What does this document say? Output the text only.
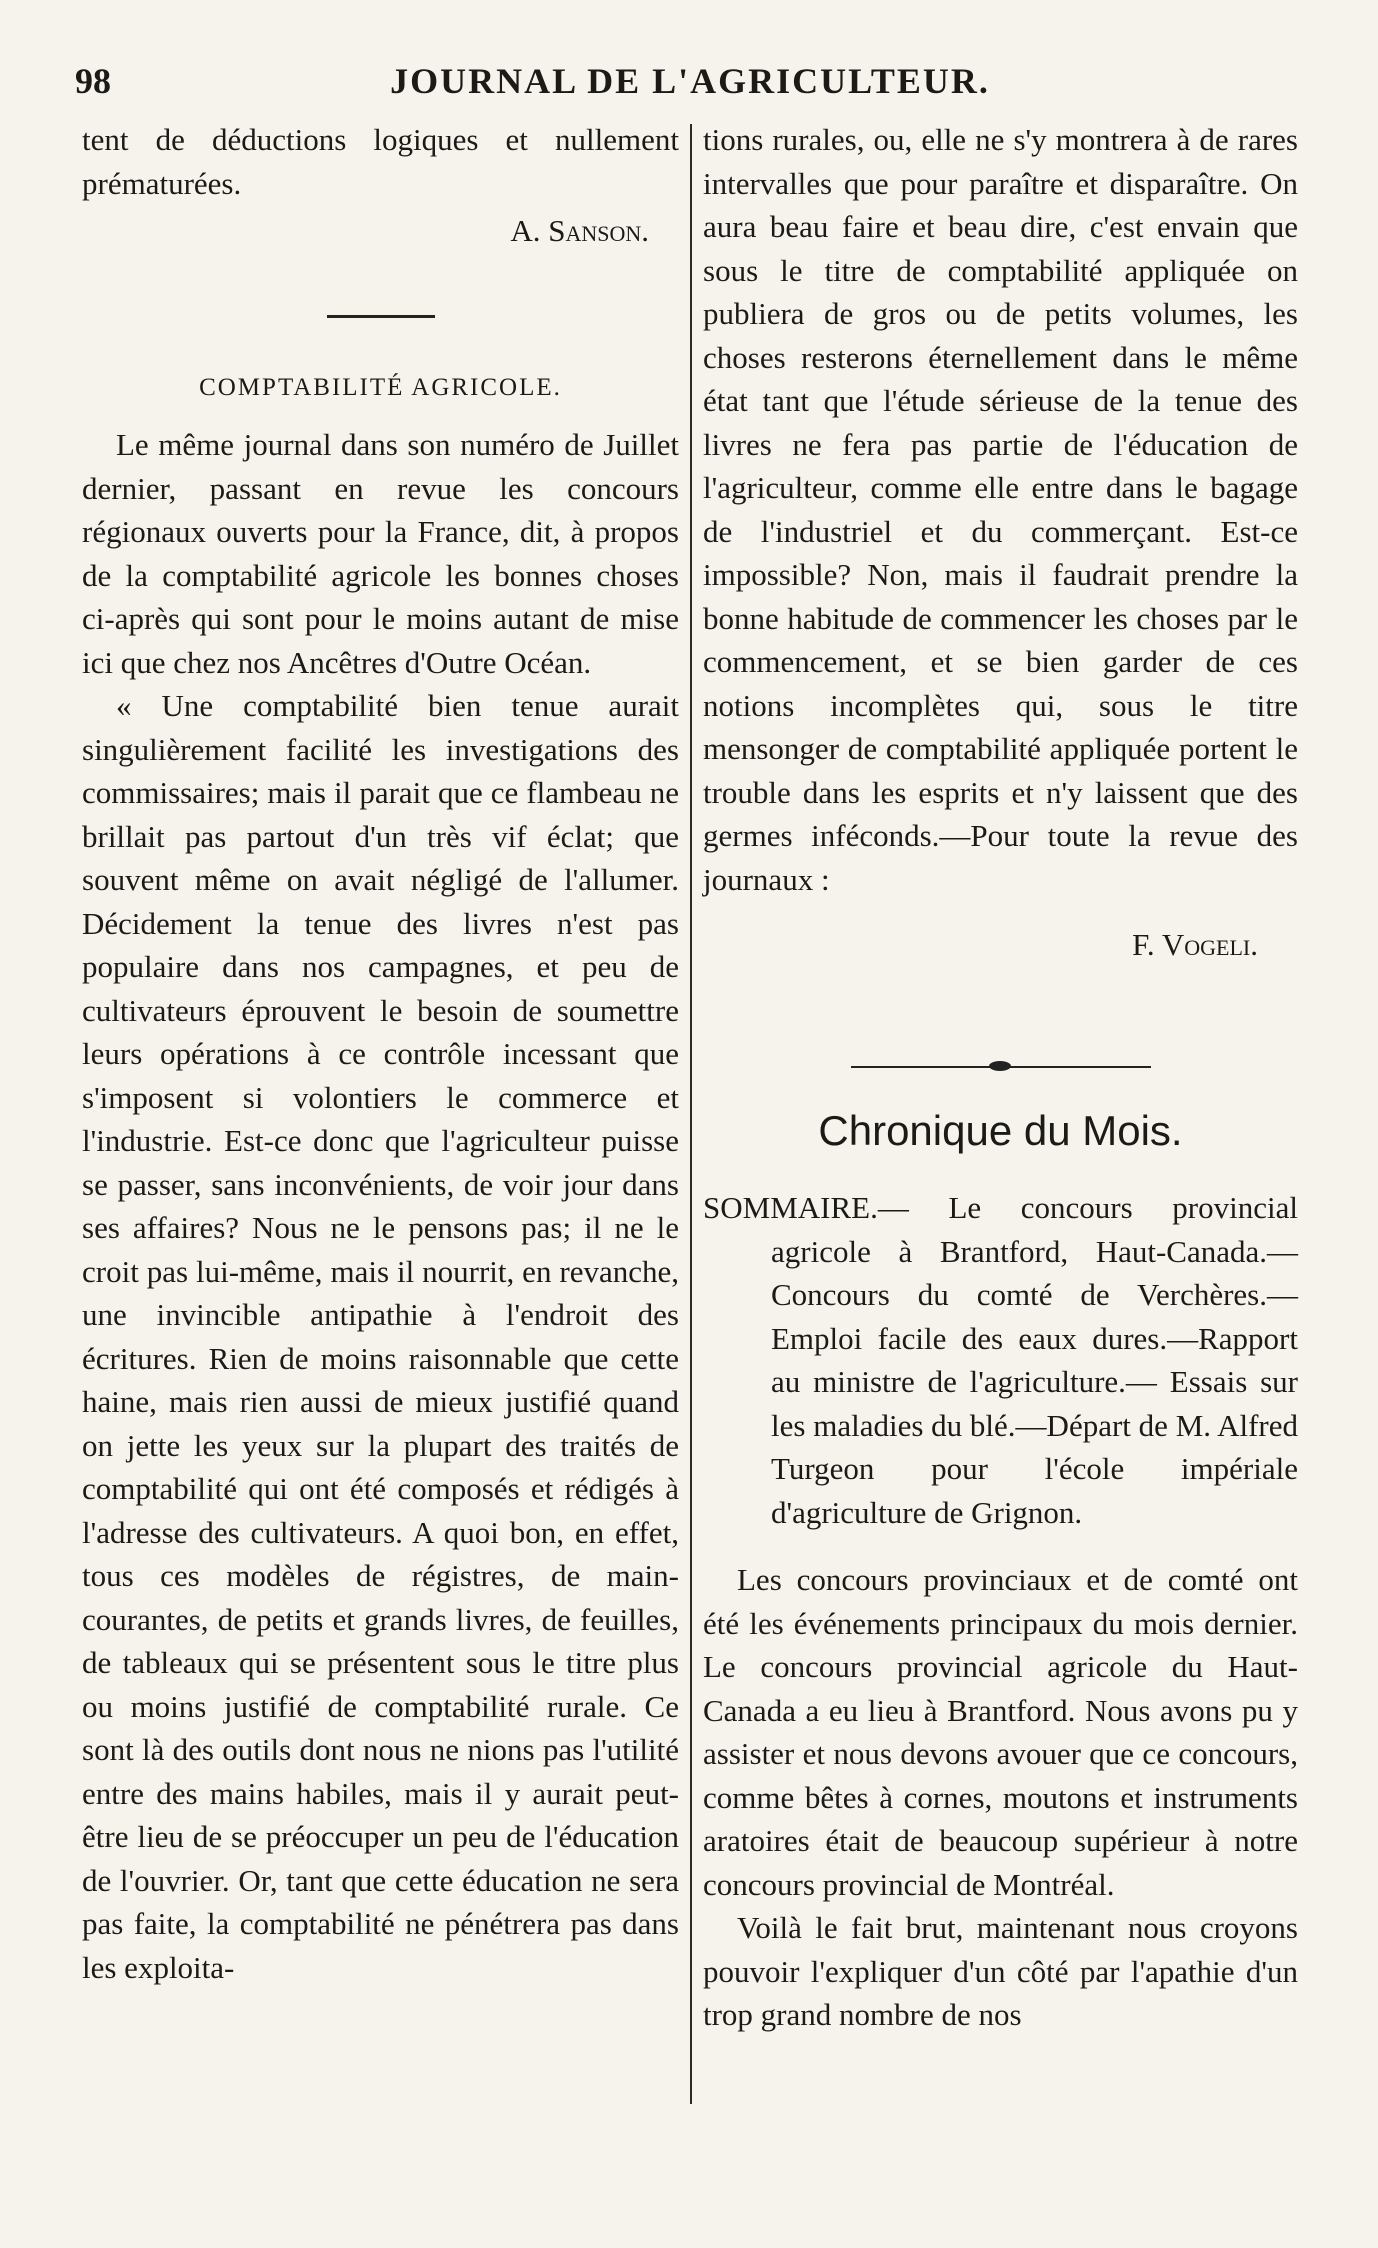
98	JOURNAL DE L'AGRICULTEUR.

tent de déductions logiques et nullement prématurées.

A. Sanson.

COMPTABILITÉ AGRICOLE.

Le même journal dans son numéro de Juillet dernier, passant en revue les concours régionaux ouverts pour la France, dit, à propos de la comptabilité agricole les bonnes choses ci-après qui sont pour le moins autant de mise ici que chez nos Ancêtres d'Outre Océan.

« Une comptabilité bien tenue aurait singulièrement facilité les investigations des commissaires; mais il parait que ce flambeau ne brillait pas partout d'un très vif éclat; que souvent même on avait négligé de l'allumer. Décidement la tenue des livres n'est pas populaire dans nos campagnes, et peu de cultivateurs éprouvent le besoin de soumettre leurs opérations à ce contrôle incessant que s'imposent si volontiers le commerce et l'industrie. Est-ce donc que l'agriculteur puisse se passer, sans inconvénients, de voir jour dans ses affaires? Nous ne le pensons pas; il ne le croit pas lui-même, mais il nourrit, en revanche, une invincible antipathie à l'endroit des écritures. Rien de moins raisonnable que cette haine, mais rien aussi de mieux justifié quand on jette les yeux sur la plupart des traités de comptabilité qui ont été composés et rédigés à l'adresse des cultivateurs. A quoi bon, en effet, tous ces modèles de régistres, de main-courantes, de petits et grands livres, de feuilles, de tableaux qui se présentent sous le titre plus ou moins justifié de comptabilité rurale. Ce sont là des outils dont nous ne nions pas l'utilité entre des mains habiles, mais il y aurait peut-être lieu de se préoccuper un peu de l'éducation de l'ouvrier. Or, tant que cette éducation ne sera pas faite, la comptabilité ne pénétrera pas dans les exploita-

tions rurales, ou, elle ne s'y montrera à de rares intervalles que pour paraître et disparaître. On aura beau faire et beau dire, c'est envain que sous le titre de comptabilité appliquée on publiera de gros ou de petits volumes, les choses resterons éternellement dans le même état tant que l'étude sérieuse de la tenue des livres ne fera pas partie de l'éducation de l'agriculteur, comme elle entre dans le bagage de l'industriel et du commerçant. Est-ce impossible? Non, mais il faudrait prendre la bonne habitude de commencer les choses par le commencement, et se bien garder de ces notions incomplètes qui, sous le titre mensonger de comptabilité appliquée portent le trouble dans les esprits et n'y laissent que des germes inféconds.—Pour toute la revue des journaux :

F. Vogeli.

Chronique du Mois.

SOMMAIRE.— Le concours provincial agricole à Brantford, Haut-Canada.— Concours du comté de Verchères.— Emploi facile des eaux dures.—Rapport au ministre de l'agriculture.— Essais sur les maladies du blé.—Départ de M. Alfred Turgeon pour l'école impériale d'agriculture de Grignon.

Les concours provinciaux et de comté ont été les événements principaux du mois dernier. Le concours provincial agricole du Haut-Canada a eu lieu à Brantford. Nous avons pu y assister et nous devons avouer que ce concours, comme bêtes à cornes, moutons et instruments aratoires était de beaucoup supérieur à notre concours provincial de Montréal.

Voilà le fait brut, maintenant nous croyons pouvoir l'expliquer d'un côté par l'apathie d'un trop grand nombre de nos
